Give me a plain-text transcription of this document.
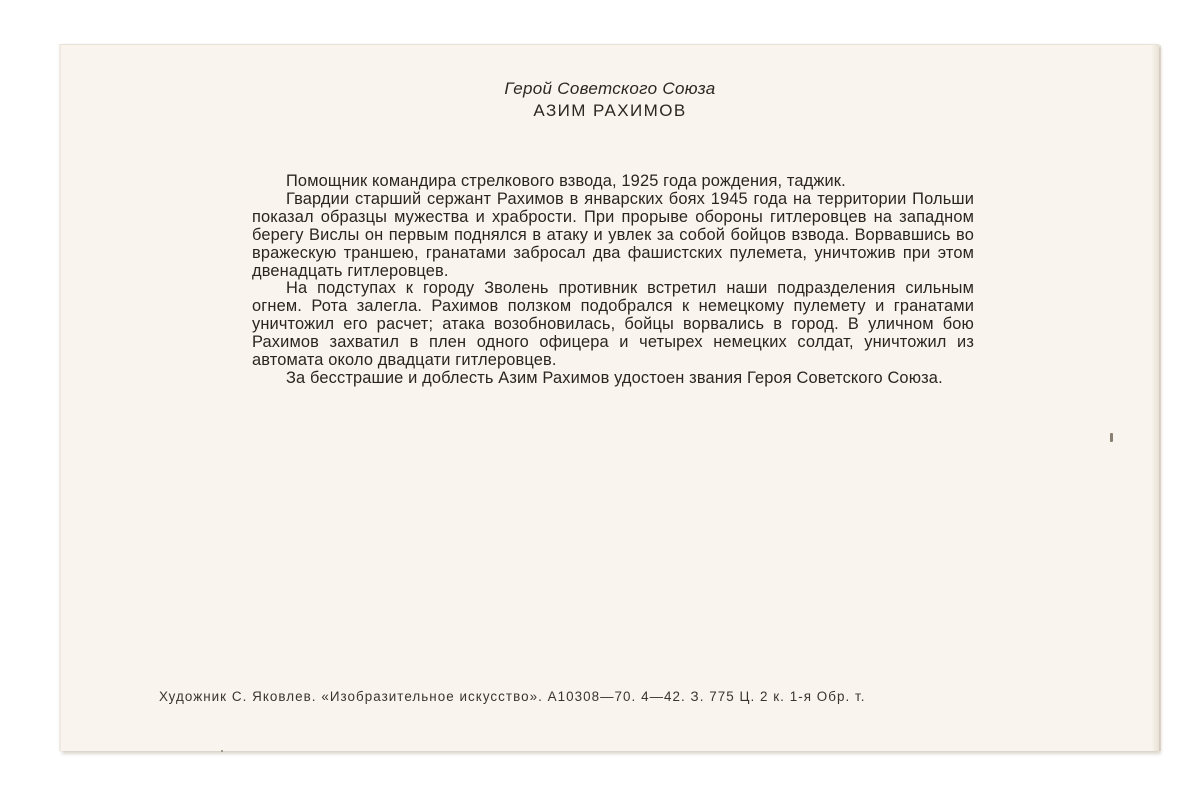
Герой Советского Союза
АЗИМ РАХИМОВ

Помощник командира стрелкового взвода, 1925 года рождения, таджик.

Гвардии старший сержант Рахимов в январских боях 1945 года на территории Польши показал образцы мужества и храбрости. При прорыве обороны гитлеровцев на западном берегу Вислы он первым поднялся в атаку и увлек за собой бойцов взвода. Ворвавшись во вражескую траншею, гранатами забросал два фашистских пулемета, уничтожив при этом двенадцать гитлеровцев.

На подступах к городу Зволень противник встретил наши подразделения сильным огнем. Рота залегла. Рахимов ползком подобрался к немецкому пулемету и гранатами уничтожил его расчет; атака возобновилась, бойцы ворвались в город. В уличном бою Рахимов захватил в плен одного офицера и четырех немецких солдат, уничтожил из автомата около двадцати гитлеровцев.

За бесстрашие и доблесть Азим Рахимов удостоен звания Героя Советского Союза.

Художник С. Яковлев. «Изобразительное искусство». А10308—70. 4—42. З. 775 Ц. 2 к. 1-я Обр. т.
